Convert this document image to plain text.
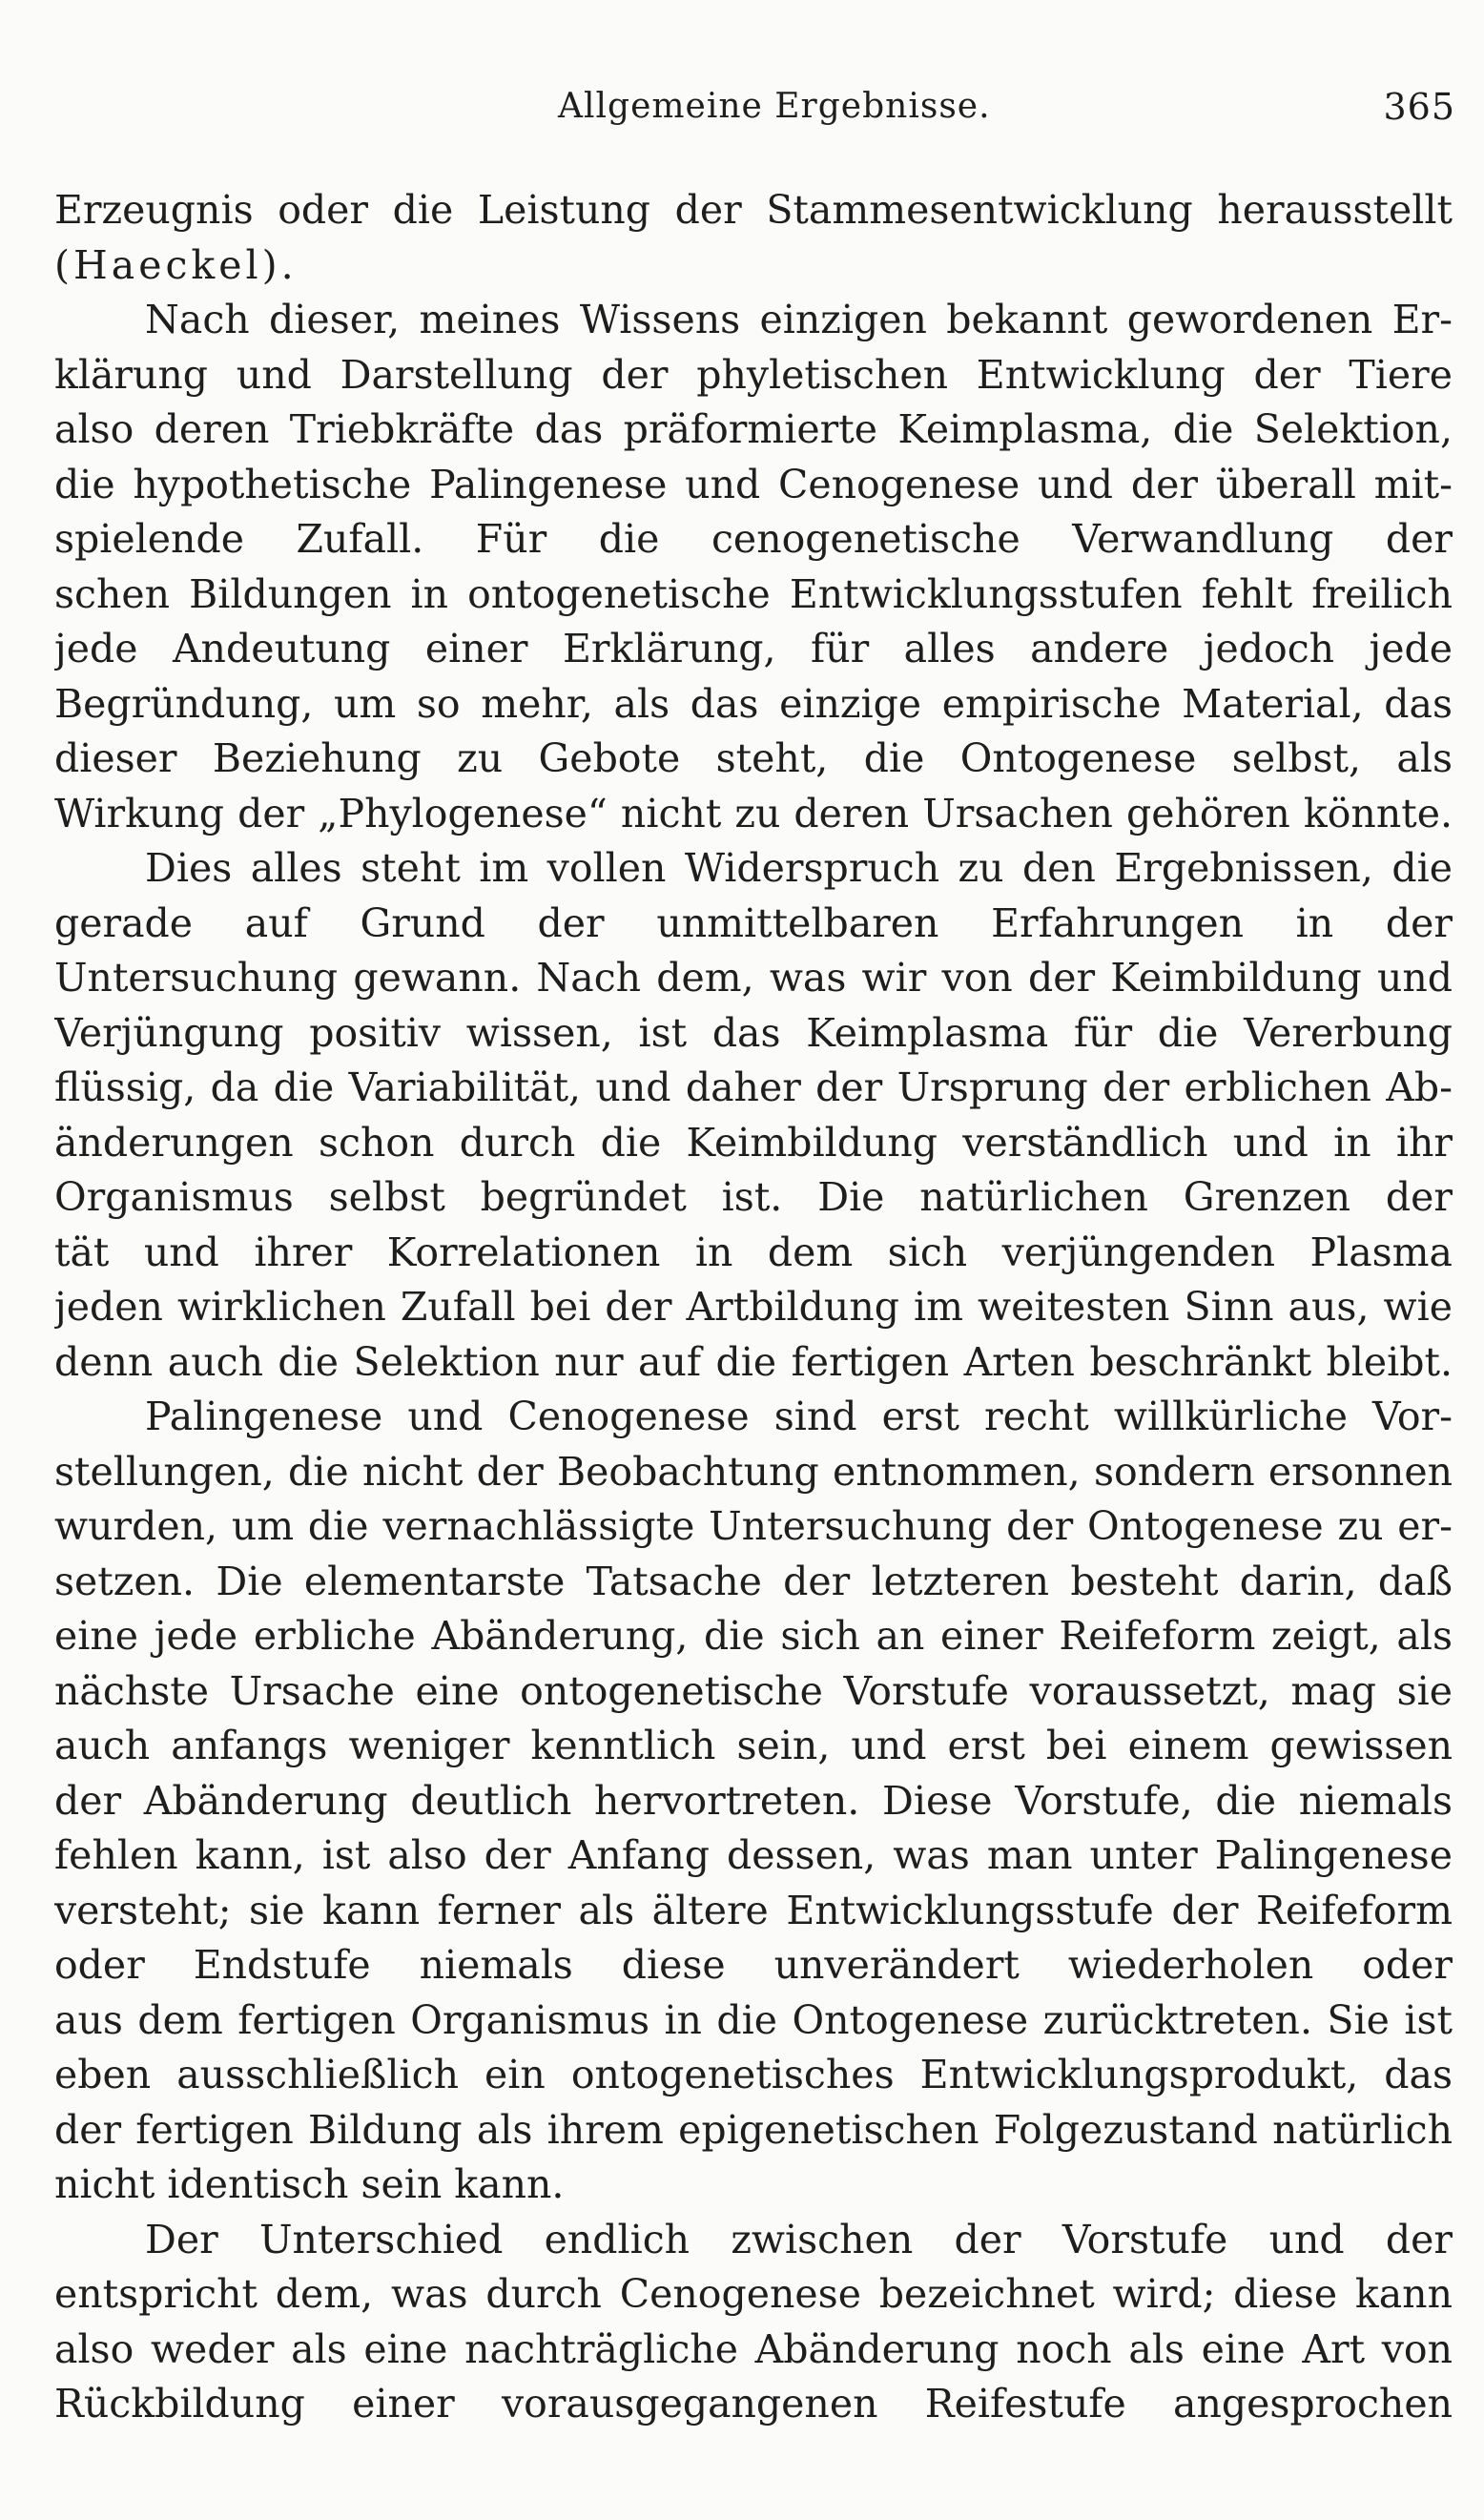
Allgemeine Ergebnisse.	365
Erzeugnis oder die Leistung der Stammesentwicklung herausstellt
(Haeckel).
Nach dieser, meines Wissens einzigen bekannt gewordenen Er-
klärung und Darstellung der phyletischen Entwicklung der Tiere
also deren Triebkräfte das präformierte Keimplasma, die Selektion,
die hypothetische Palingenese und Cenogenese und der überall mit-
spielende Zufall. Für die cenogenetische Verwandlung der
schen Bildungen in ontogenetische Entwicklungsstufen fehlt freilich
jede Andeutung einer Erklärung, für alles andere jedoch jede
Begründung, um so mehr, als das einzige empirische Material, das
dieser Beziehung zu Gebote steht, die Ontogenese selbst, als
Wirkung der „Phylogenese“ nicht zu deren Ursachen gehören könnte.
Dies alles steht im vollen Widerspruch zu den Ergebnissen, die
gerade auf Grund der unmittelbaren Erfahrungen in der
Untersuchung gewann. Nach dem, was wir von der Keimbildung und
Verjüngung positiv wissen, ist das Keimplasma für die Vererbung
flüssig, da die Variabilität, und daher der Ursprung der erblichen Ab-
änderungen schon durch die Keimbildung verständlich und in ihr
Organismus selbst begründet ist. Die natürlichen Grenzen der
tät und ihrer Korrelationen in dem sich verjüngenden Plasma
jeden wirklichen Zufall bei der Artbildung im weitesten Sinn aus, wie
denn auch die Selektion nur auf die fertigen Arten beschränkt bleibt.
Palingenese und Cenogenese sind erst recht willkürliche Vor-
stellungen, die nicht der Beobachtung entnommen, sondern ersonnen
wurden, um die vernachlässigte Untersuchung der Ontogenese zu er-
setzen. Die elementarste Tatsache der letzteren besteht darin, daß
eine jede erbliche Abänderung, die sich an einer Reifeform zeigt, als
nächste Ursache eine ontogenetische Vorstufe voraussetzt, mag sie
auch anfangs weniger kenntlich sein, und erst bei einem gewissen
der Abänderung deutlich hervortreten. Diese Vorstufe, die niemals
fehlen kann, ist also der Anfang dessen, was man unter Palingenese
versteht; sie kann ferner als ältere Entwicklungsstufe der Reifeform
oder Endstufe niemals diese unverändert wiederholen oder
aus dem fertigen Organismus in die Ontogenese zurücktreten. Sie ist
eben ausschließlich ein ontogenetisches Entwicklungsprodukt, das
der fertigen Bildung als ihrem epigenetischen Folgezustand natürlich
nicht identisch sein kann.
Der Unterschied endlich zwischen der Vorstufe und der
entspricht dem, was durch Cenogenese bezeichnet wird; diese kann
also weder als eine nachträgliche Abänderung noch als eine Art von
Rückbildung einer vorausgegangenen Reifestufe angesprochen
